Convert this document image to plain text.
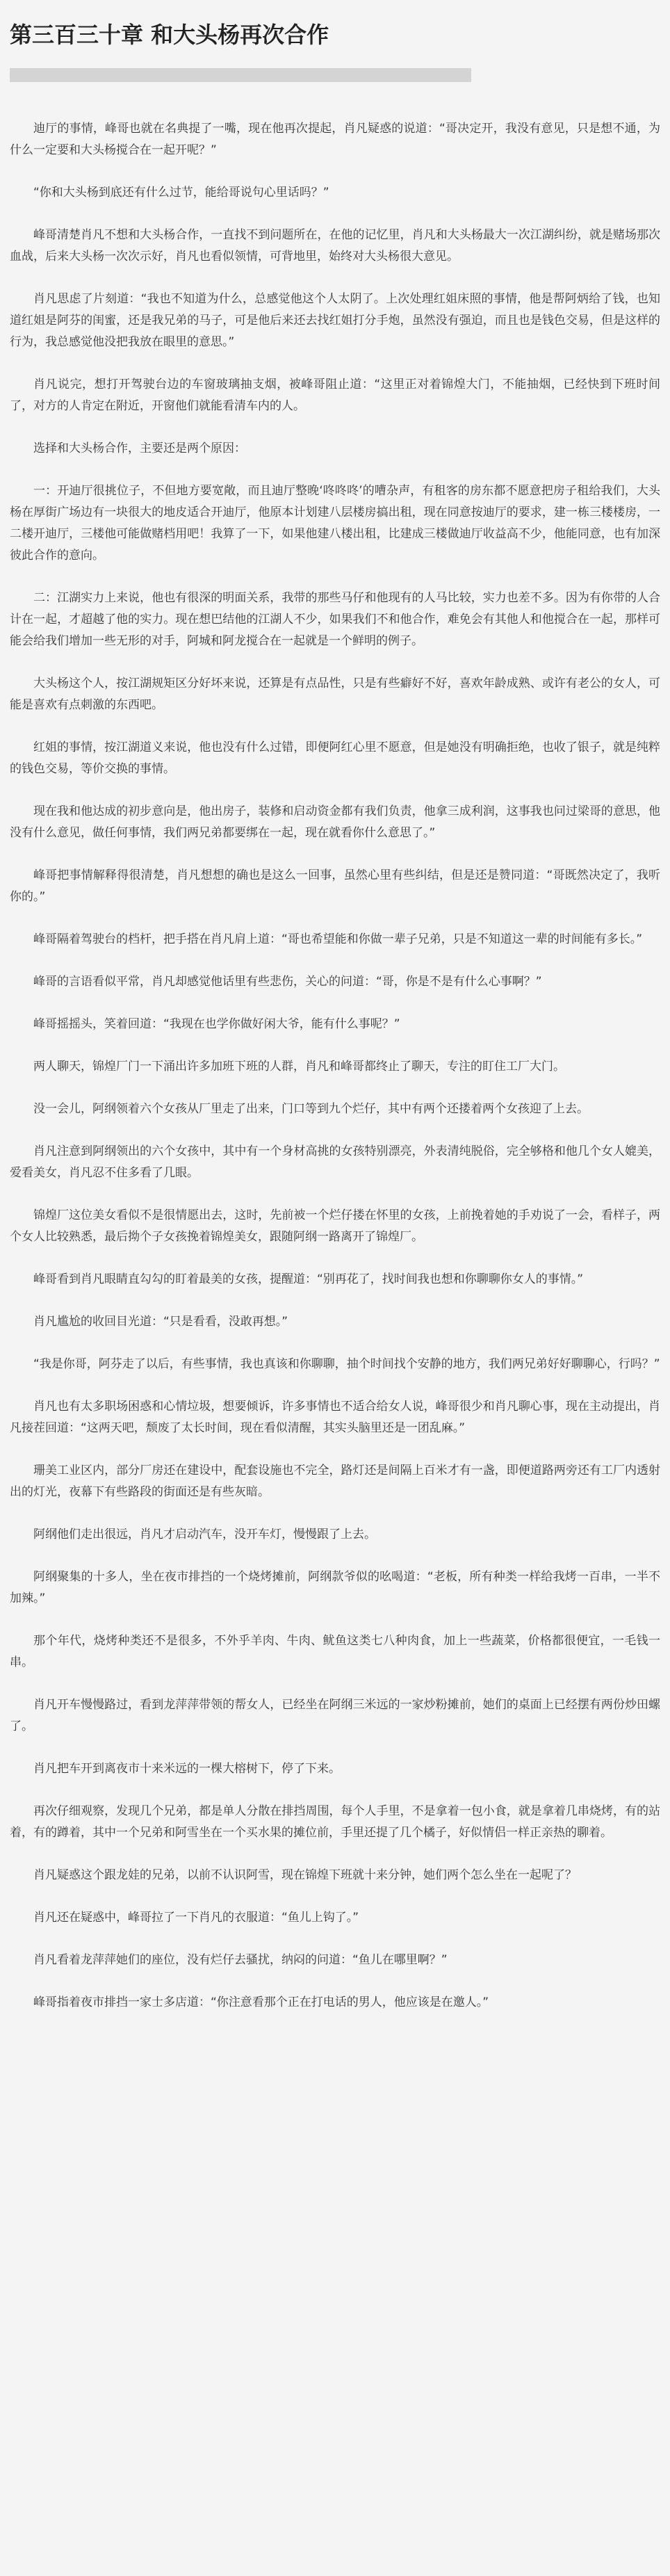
第三百三十章 和大头杨再次合作

迪厅的事情，峰哥也就在名典提了一嘴，现在他再次提起，肖凡疑惑的说道：“哥决定开，我没有意见，只是想不通，为什么一定要和大头杨搅合在一起开呢？”

“你和大头杨到底还有什么过节，能给哥说句心里话吗？”

峰哥清楚肖凡不想和大头杨合作，一直找不到问题所在，在他的记忆里，肖凡和大头杨最大一次江湖纠纷，就是赌场那次血战，后来大头杨一次次示好，肖凡也看似领情，可背地里，始终对大头杨很大意见。

肖凡思虑了片刻道：“我也不知道为什么，总感觉他这个人太阴了。上次处理红姐床照的事情，他是帮阿炳给了钱，也知道红姐是阿芬的闺蜜，还是我兄弟的马子，可是他后来还去找红姐打分手炮，虽然没有强迫，而且也是钱色交易，但是这样的行为，我总感觉他没把我放在眼里的意思。”

肖凡说完，想打开驾驶台边的车窗玻璃抽支烟，被峰哥阻止道：“这里正对着锦煌大门，不能抽烟，已经快到下班时间了，对方的人肯定在附近，开窗他们就能看清车内的人。

选择和大头杨合作，主要还是两个原因：

一：开迪厅很挑位子，不但地方要宽敞，而且迪厅整晚‘咚咚咚’的嘈杂声，有租客的房东都不愿意把房子租给我们，大头杨在厚街广场边有一块很大的地皮适合开迪厅，他原本计划建八层楼房搞出租，现在同意按迪厅的要求，建一栋三楼楼房，一二楼开迪厅，三楼他可能做赌档用吧！我算了一下，如果他建八楼出租，比建成三楼做迪厅收益高不少，他能同意，也有加深彼此合作的意向。

二：江湖实力上来说，他也有很深的明面关系，我带的那些马仔和他现有的人马比较，实力也差不多。因为有你带的人合计在一起，才超越了他的实力。现在想巴结他的江湖人不少，如果我们不和他合作，难免会有其他人和他搅合在一起，那样可能会给我们增加一些无形的对手，阿城和阿龙搅合在一起就是一个鲜明的例子。

大头杨这个人，按江湖规矩区分好坏来说，还算是有点品性，只是有些癖好不好，喜欢年龄成熟、或许有老公的女人，可能是喜欢有点刺激的东西吧。

红姐的事情，按江湖道义来说，他也没有什么过错，即便阿红心里不愿意，但是她没有明确拒绝，也收了银子，就是纯粹的钱色交易，等价交换的事情。

现在我和他达成的初步意向是，他出房子，装修和启动资金都有我们负责，他拿三成利润，这事我也问过梁哥的意思，他没有什么意见，做任何事情，我们两兄弟都要绑在一起，现在就看你什么意思了。”

峰哥把事情解释得很清楚，肖凡想想的确也是这么一回事，虽然心里有些纠结，但是还是赞同道：“哥既然决定了，我听你的。”

峰哥隔着驾驶台的档杆，把手搭在肖凡肩上道：“哥也希望能和你做一辈子兄弟，只是不知道这一辈的时间能有多长。”

峰哥的言语看似平常，肖凡却感觉他话里有些悲伤，关心的问道：“哥，你是不是有什么心事啊？”

峰哥摇摇头，笑着回道：“我现在也学你做好闲大爷，能有什么事呢？”

两人聊天，锦煌厂门一下涌出许多加班下班的人群，肖凡和峰哥都终止了聊天，专注的盯住工厂大门。

没一会儿，阿纲领着六个女孩从厂里走了出来，门口等到九个烂仔，其中有两个还搂着两个女孩迎了上去。

肖凡注意到阿纲领出的六个女孩中，其中有一个身材高挑的女孩特别漂亮，外表清纯脱俗，完全够格和他几个女人媲美，爱看美女，肖凡忍不住多看了几眼。

锦煌厂这位美女看似不是很情愿出去，这时，先前被一个烂仔搂在怀里的女孩，上前挽着她的手劝说了一会，看样子，两个女人比较熟悉，最后拗个子女孩挽着锦煌美女，跟随阿纲一路离开了锦煌厂。

峰哥看到肖凡眼睛直勾勾的盯着最美的女孩，提醒道：“别再花了，找时间我也想和你聊聊你女人的事情。”

肖凡尴尬的收回目光道：“只是看看，没敢再想。”

“我是你哥，阿芬走了以后，有些事情，我也真该和你聊聊，抽个时间找个安静的地方，我们两兄弟好好聊聊心，行吗？”

肖凡也有太多职场困惑和心情垃圾，想要倾诉，许多事情也不适合给女人说，峰哥很少和肖凡聊心事，现在主动提出，肖凡接茬回道：“这两天吧，颓废了太长时间，现在看似清醒，其实头脑里还是一团乱麻。”

珊美工业区内，部分厂房还在建设中，配套设施也不完全，路灯还是间隔上百米才有一盏，即便道路两旁还有工厂内透射出的灯光，夜幕下有些路段的街面还是有些灰暗。

阿纲他们走出很远，肖凡才启动汽车，没开车灯，慢慢跟了上去。

阿纲聚集的十多人，坐在夜市排挡的一个烧烤摊前，阿纲款爷似的吆喝道：“老板，所有种类一样给我烤一百串，一半不加辣。”

那个年代，烧烤种类还不是很多，不外乎羊肉、牛肉、鱿鱼这类七八种肉食，加上一些蔬菜，价格都很便宜，一毛钱一串。

肖凡开车慢慢路过，看到龙萍萍带领的帮女人，已经坐在阿纲三米远的一家炒粉摊前，她们的桌面上已经摆有两份炒田螺了。

肖凡把车开到离夜市十来米远的一棵大榕树下，停了下来。

再次仔细观察，发现几个兄弟，都是单人分散在排挡周围，每个人手里，不是拿着一包小食，就是拿着几串烧烤，有的站着，有的蹲着，其中一个兄弟和阿雪坐在一个买水果的摊位前，手里还提了几个橘子，好似情侣一样正亲热的聊着。

肖凡疑惑这个跟龙娃的兄弟，以前不认识阿雪，现在锦煌下班就十来分钟，她们两个怎么坐在一起呢了？

肖凡还在疑惑中，峰哥拉了一下肖凡的衣服道：“鱼儿上钩了。”

肖凡看着龙萍萍她们的座位，没有烂仔去骚扰，纳闷的问道：“鱼儿在哪里啊？”

峰哥指着夜市排挡一家士多店道：“你注意看那个正在打电话的男人，他应该是在邀人。”
